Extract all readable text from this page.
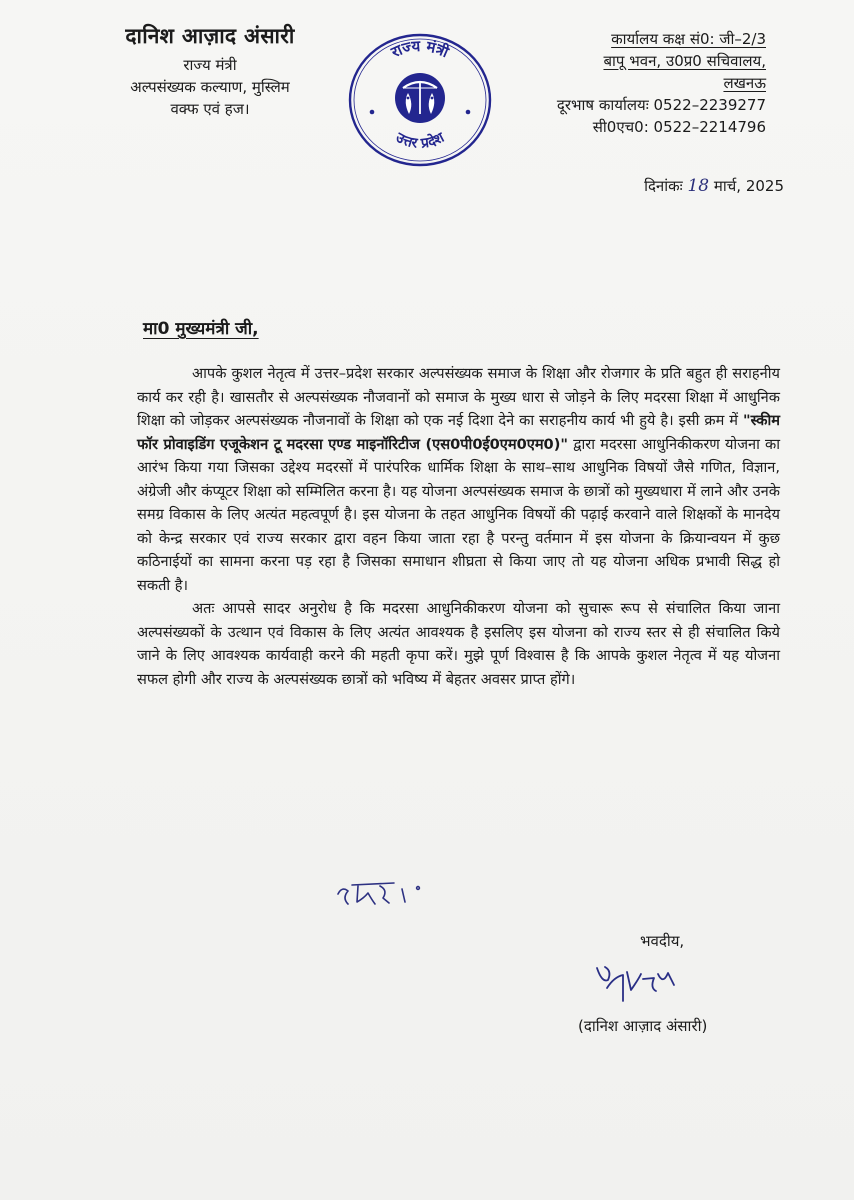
दानिश आज़ाद अंसारी
राज्य मंत्री
अल्पसंख्यक कल्याण, मुस्लिम
वक्फ एवं हज।
राज्य मंत्री
उत्तर प्रदेश
कार्यालय कक्ष सं0: जी–2/3
बापू भवन, उ0प्र0 सचिवालय,
लखनऊ
दूरभाष कार्यालयः 0522–2239277
सी0एच0: 0522–2214796
दिनांकः 18 मार्च, 2025
मा0 मुख्यमंत्री जी,

आपके कुशल नेतृत्व में उत्तर–प्रदेश सरकार अल्पसंख्यक समाज के शिक्षा और रोजगार के प्रति बहुत ही सराहनीय कार्य कर रही है। खासतौर से अल्पसंख्यक नौजवानों को समाज के मुख्य धारा से जोड़ने के लिए मदरसा शिक्षा में आधुनिक शिक्षा को जोड़कर अल्पसंख्यक नौजनावों के शिक्षा को एक नई दिशा देने का सराहनीय कार्य भी हुये है। इसी क्रम में "स्कीम फॉर प्रोवाइडिंग एजूकेशन टू मदरसा एण्ड माइनॉरिटीज (एस0पी0ई0एम0एम0)" द्वारा मदरसा आधुनिकीकरण योजना का आरंभ किया गया जिसका उद्देश्य मदरसों में पारंपरिक धार्मिक शिक्षा के साथ–साथ आधुनिक विषयों जैसे गणित, विज्ञान, अंग्रेजी और कंप्यूटर शिक्षा को सम्मिलित करना है। यह योजना अल्पसंख्यक समाज के छात्रों को मुख्यधारा में लाने और उनके समग्र विकास के लिए अत्यंत महत्वपूर्ण है। इस योजना के तहत आधुनिक विषयों की पढ़ाई करवाने वाले शिक्षकों के मानदेय को केन्द्र सरकार एवं राज्य सरकार द्वारा वहन किया जाता रहा है परन्तु वर्तमान में इस योजना के क्रियान्वयन में कुछ कठिनाईयों का सामना करना पड़ रहा है जिसका समाधान शीघ्रता से किया जाए तो यह योजना अधिक प्रभावी सिद्ध हो सकती है।

अतः आपसे सादर अनुरोध है कि मदरसा आधुनिकीकरण योजना को सुचारू रूप से संचालित किया जाना अल्पसंख्यकों के उत्थान एवं विकास के लिए अत्यंत आवश्यक है इसलिए इस योजना को राज्य स्तर से ही संचालित किये जाने के लिए आवश्यक कार्यवाही करने की महती कृपा करें। मुझे पूर्ण विश्वास है कि आपके कुशल नेतृत्व में यह योजना सफल होगी और राज्य के अल्पसंख्यक छात्रों को भविष्य में बेहतर अवसर प्राप्त होंगे।

भवदीय,
(दानिश आज़ाद अंसारी)
